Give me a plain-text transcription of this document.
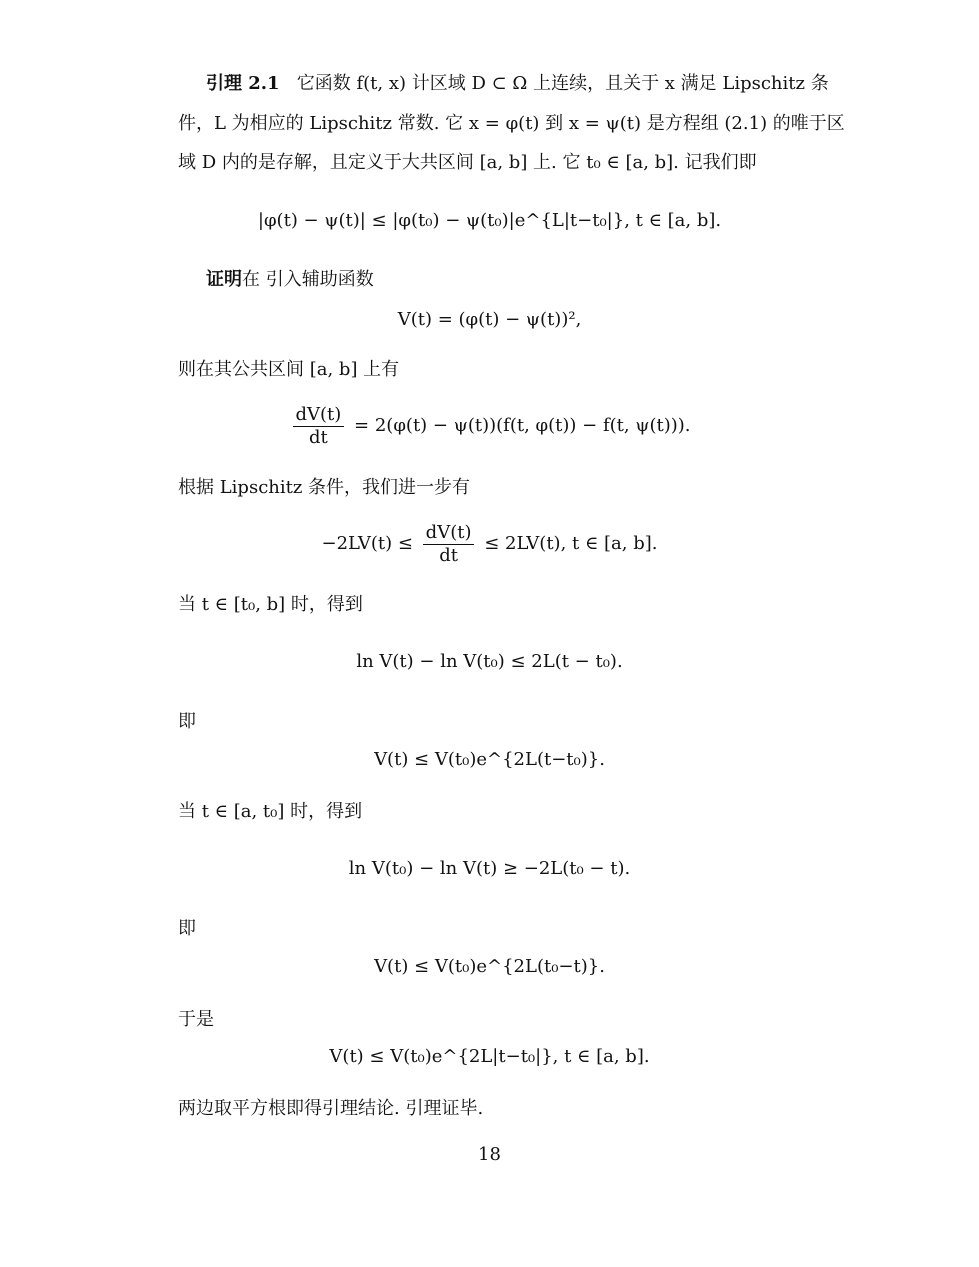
引理 2.1 它函数 f(t, x) 计区域 D ⊂ Ω 上连续，且关于 x 满足 Lipschitz 条
件，L 为相应的 Lipschitz 常数. 它 x = φ(t) 到 x = ψ(t) 是方程组 (2.1) 的唯于区
域 D 内的是存解，且定义于大共区间 [a, b] 上. 它 t₀ ∈ [a, b]. 记我们即
|φ(t) − ψ(t)| ≤ |φ(t₀) − ψ(t₀)|e^{L|t−t₀|}, t ∈ [a, b].
证明在 引入辅助函数
V(t) = (φ(t) − ψ(t))²,
则在其公共区间 [a, b] 上有
$\frac{dV(t)}{dt} = 2(\varphi(t) - \psi(t))(f(t$, φ(t)) − f(t, ψ(t))).
根据 Lipschitz 条件，我们进一步有
$-2LV(t) \le \frac{dV(t)}{dt} \le 2LV(t)$, t ∈ [a, b].
当 t ∈ [t₀, b] 时，得到
ln V(t) − ln V(t₀) ≤ 2L(t − t₀).
即
V(t) ≤ V(t₀)e^{2L(t−t₀)}.
当 t ∈ [a, t₀] 时，得到
ln V(t₀) − ln V(t) ≥ −2L(t₀ − t).
即
V(t) ≤ V(t₀)e^{2L(t₀−t)}.
于是
V(t) ≤ V(t₀)e^{2L|t−t₀|}, t ∈ [a, b].
两边取平方根即得引理结论. 引理证毕.
18
